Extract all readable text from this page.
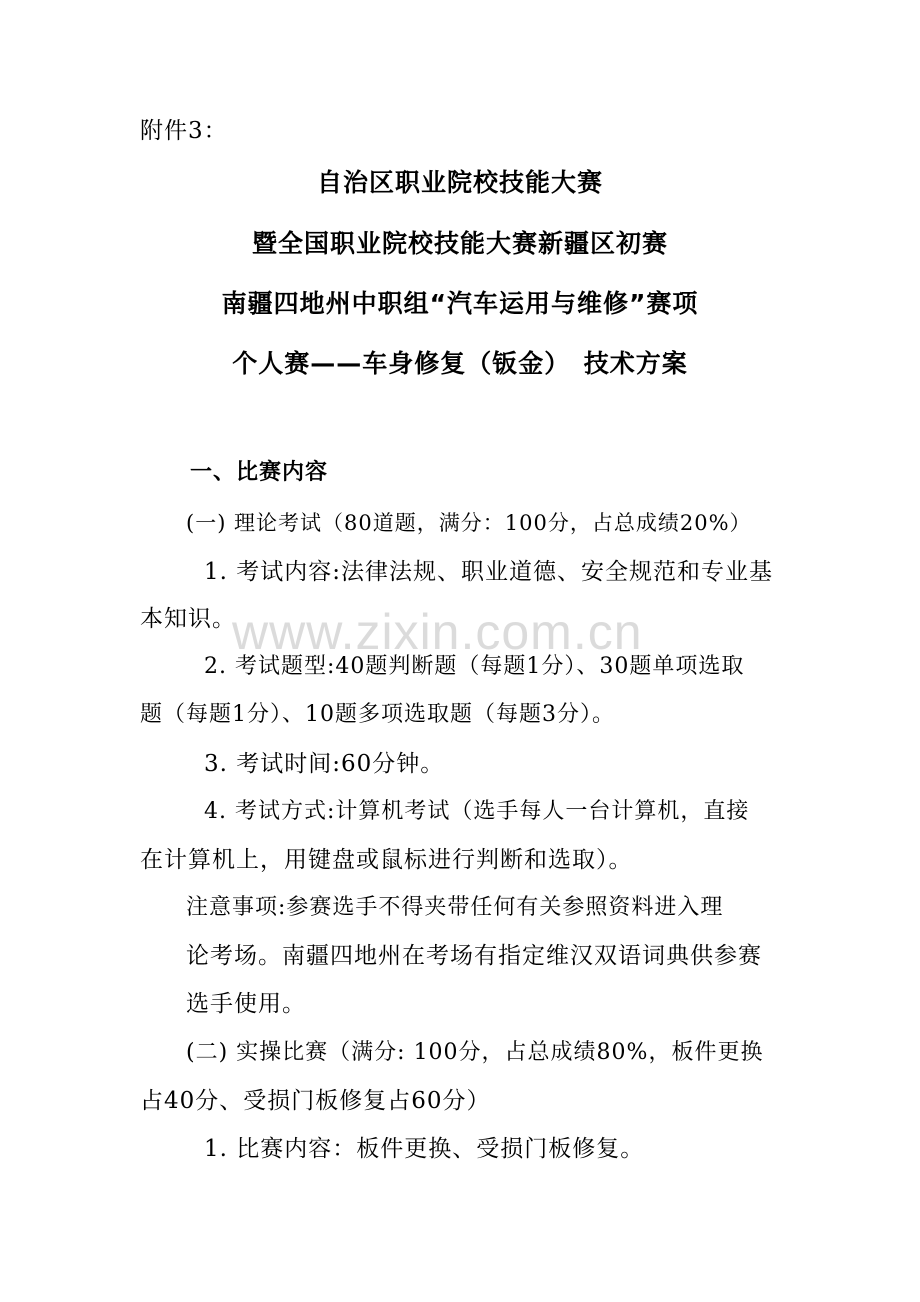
附件3：
自治区职业院校技能大赛
暨全国职业院校技能大赛新疆区初赛
南疆四地州中职组“汽车运用与维修”赛项
个人赛——车身修复（钣金）　技术方案
一、比赛内容
(一) 理论考试（80道题，满分：100分，占总成绩20%）
1. 考试内容:法律法规、职业道德、安全规范和专业基
本知识。
2. 考试题型:40题判断题（每题1分）、30题单项选取
题（每题1分）、10题多项选取题（每题3分）。
3. 考试时间:60分钟。
4. 考试方式:计算机考试（选手每人一台计算机，直接
在计算机上，用键盘或鼠标进行判断和选取）。
注意事项:参赛选手不得夹带任何有关参照资料进入理
论考场。南疆四地州在考场有指定维汉双语词典供参赛
选手使用。
(二) 实操比赛（满分: 100分，占总成绩80%，板件更换
占40分、受损门板修复占60分）
1. 比赛内容：板件更换、受损门板修复。
www.zixin.com.cn
